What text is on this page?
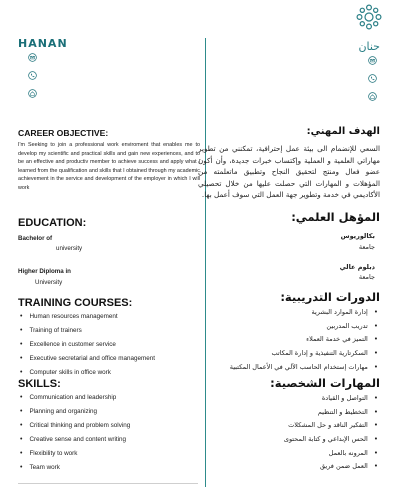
HANAN	حنان
CAREER OBJECTIVE:
I'm Seeking to join a professional work enviroment that enables me to develop my scientific and practical skills and gain new experiences, and to be an effective and productiv member to achieve success and apply what I learned from the qualification and skills that I obtained through my academic achievement in the service and development of the employer in which I will work
الهدف المهني:
السعي للإنضمام الى بيئة عمل إحترافية، تمكنني من تطوير مهاراتي العلمية و العملية وإكتساب خبرات جديدة، وأن أكون عضو فعال ومنتج لتحقيق النجاح وتطبيق ماتعلمته من المؤهلات و المهارات التي حصلت عليها من خلال تحصيلي الأكاديمي في خدمة وتطوير جهة العمل التي سوف أعمل بها.
EDUCATION:
Bachelor of
university
Higher Diploma in
University
المؤهل العلمي:
بكالوريوس
جامعة
دبلوم عالي
جامعة
TRAINING COURSES:
• Human resources management
• Training of trainers
• Excellence in customer service
• Executive secretarial and office management
• Computer skills in office work
الدورات التدريبية:
• إدارة الموارد البشرية
• تدريب المدربين
• التميز في خدمة العملاء
• السكرتارية التنفيذية و إدارة المكاتب
• مهارات إستخدام الحاسب الآلي في الأعمال المكتبية
SKILLS:
• Communication and leadership
• Planning and organizing
• Critical thinking and problem solving
• Creative sense and content writing
• Flexibility to work
• Team work
المهارات الشخصية:
• التواصل و القيادة
• التخطيط و التنظيم
• التفكير الناقد و حل المشكلات
• الحس الإبداعي و كتابة المحتوى
• المرونه بالعمل
• العمل ضمن فريق
